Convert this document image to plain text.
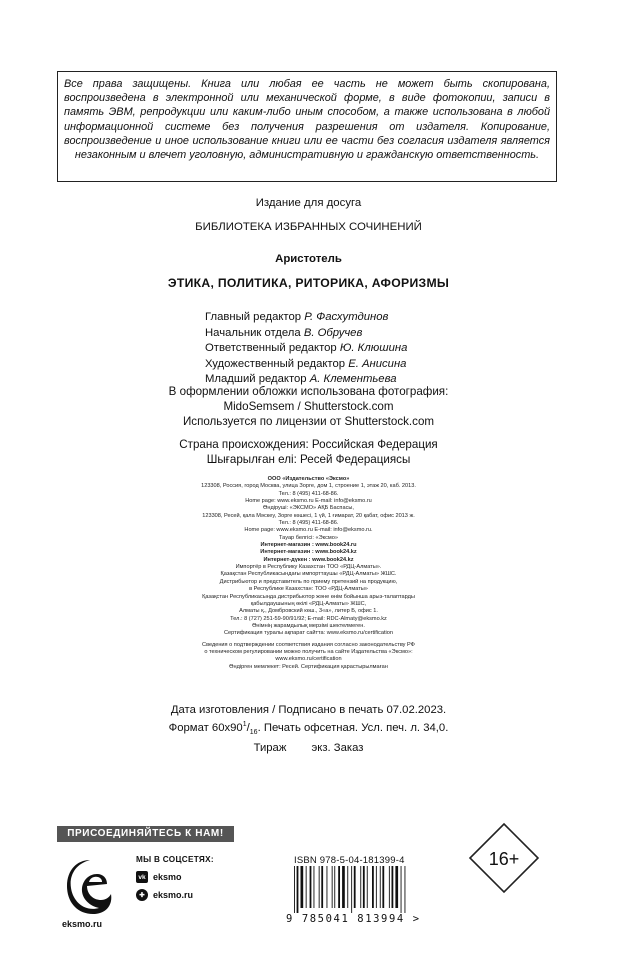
Все права защищены. Книга или любая ее часть не может быть скопирована, воспроизведена в электронной или механической форме, в виде фотокопии, записи в память ЭВМ, репродукции или каким-либо иным способом, а также использована в любой информационной системе без получения разрешения от издателя. Копирование, воспроизведение и иное использование книги или ее части без согласия издателя является незаконным и влечет уголовную, административную и гражданскую ответственность.
Издание для досуга
БИБЛИОТЕКА ИЗБРАННЫХ СОЧИНЕНИЙ
Аристотель
ЭТИКА, ПОЛИТИКА, РИТОРИКА, АФОРИЗМЫ
Главный редактор Р. Фасхутдинов
Начальник отдела В. Обручев
Ответственный редактор Ю. Клюшина
Художественный редактор Е. Анисина
Младший редактор А. Клементьева
В оформлении обложки использована фотография:
MidoSemsem / Shutterstock.com
Используется по лицензии от Shutterstock.com
Страна происхождения: Российская Федерация
Шығарылған елі: Ресей Федерациясы
ООО «Издательство «Эксмо»
123308, Россия, город Москва, улица Зорге, дом 1, строение 1, этаж 20, каб. 2013.
Тел.: 8 (495) 411-68-86.
Home page: www.eksmo.ru E-mail: info@eksmo.ru
Өндіруші: «ЭКСМО» АҚБ Баспасы,
123308, Ресей, қала Мәскеу, Зорге көшесі, 1 үй, 1 ғимарат, 20 қабат, офис 2013 ж.
Тел.: 8 (495) 411-68-86.
Home page: www.eksmo.ru E-mail: info@eksmo.ru.
Тауар белгісі: «Эксмо»
Интернет-магазин : www.book24.ru
Интернет-магазин : www.book24.kz
Интернет-дүкен : www.book24.kz
Импортёр в Республику Казахстан ТОО «РДЦ-Алматы».
Қазақстан Республикасындағы импорттаушы «РДЦ-Алматы» ЖШС.
Дистрибьютор и представитель по приему претензий на продукцию,
в Республике Казахстан: ТОО «РДЦ-Алматы»
Қазақстан Республикасында дистрибьютор және өнім бойынша арыз-талаптарды
қабылдаушының өкілі «РДЦ-Алматы» ЖШС,
Алматы қ., Домбровский көш., 3«а», литер Б, офис 1.
Тел.: 8 (727) 251-59-90/91/92; E-mail: RDC-Almaty@eksmo.kz
Өнімнің жарамдылық мерзімі шектелмеген.
Сертификация туралы ақпарат сайтта: www.eksmo.ru/certification
Сведения о подтверждении соответствия издания согласно законодательству РФ
о техническом регулировании можно получить на сайте Издательства «Эксмо»:
www.eksmo.ru/certification
Өндірген мемлекет: Ресей. Сертификация қарастырылмаған
Дата изготовления / Подписано в печать 07.02.2023.
Формат $60x90^1/_{16}$. Печать офсетная. Усл. печ. л. 34,0.
Тираж        экз. Заказ
ПРИСОЕДИНЯЙТЕСЬ К НАМ!
eksmo.ru
МЫ В СОЦСЕТЯХ:
vk eksmo
✚ eksmo.ru
ISBN 978-5-04-181399-4
9 785041 813994 >
16+
